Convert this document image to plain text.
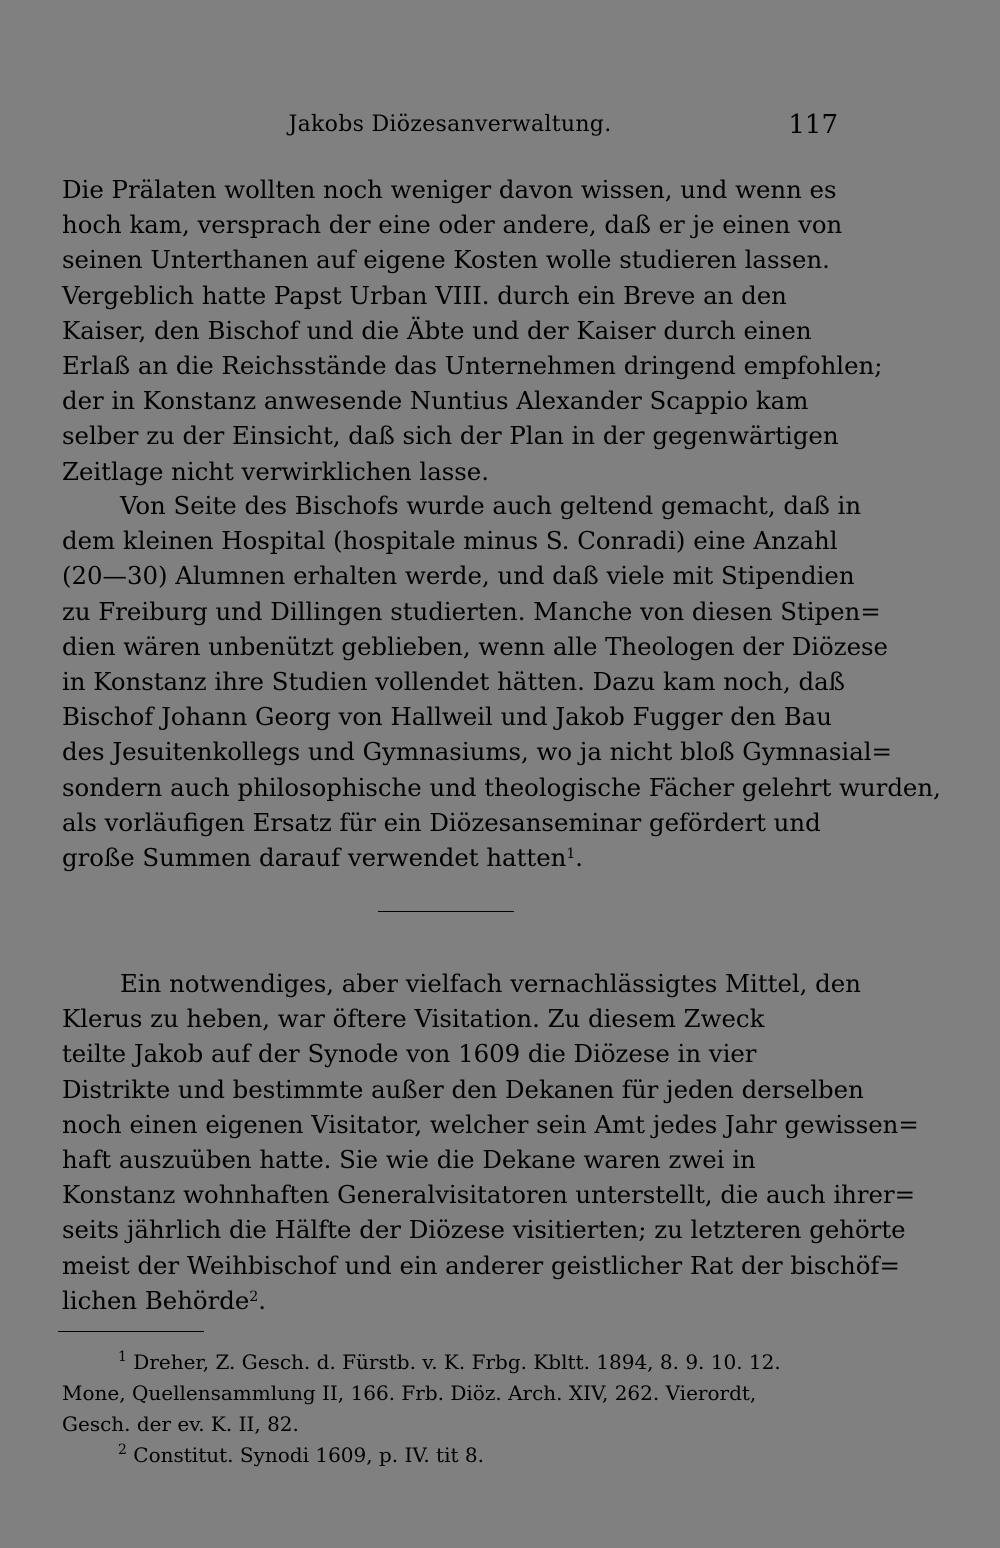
Jakobs Diözesanverwaltung.	117
Die Prälaten wollten noch weniger davon wissen, und wenn es
hoch kam, versprach der eine oder andere, daß er je einen von
seinen Unterthanen auf eigene Kosten wolle studieren lassen.
Vergeblich hatte Papst Urban VIII. durch ein Breve an den
Kaiser, den Bischof und die Äbte und der Kaiser durch einen
Erlaß an die Reichsstände das Unternehmen dringend empfohlen;
der in Konstanz anwesende Nuntius Alexander Scappio kam
selber zu der Einsicht, daß sich der Plan in der gegenwärtigen
Zeitlage nicht verwirklichen lasse.
Von Seite des Bischofs wurde auch geltend gemacht, daß in
dem kleinen Hospital (hospitale minus S. Conradi) eine Anzahl
(20—30) Alumnen erhalten werde, und daß viele mit Stipendien
zu Freiburg und Dillingen studierten. Manche von diesen Stipen=
dien wären unbenützt geblieben, wenn alle Theologen der Diözese
in Konstanz ihre Studien vollendet hätten. Dazu kam noch, daß
Bischof Johann Georg von Hallweil und Jakob Fugger den Bau
des Jesuitenkollegs und Gymnasiums, wo ja nicht bloß Gymnasial=
sondern auch philosophische und theologische Fächer gelehrt wurden,
als vorläufigen Ersatz für ein Diözesanseminar gefördert und
große Summen darauf verwendet hatten$^1$.
Ein notwendiges, aber vielfach vernachlässigtes Mittel, den
Klerus zu heben, war öftere Visitation. Zu diesem Zweck
teilte Jakob auf der Synode von 1609 die Diözese in vier
Distrikte und bestimmte außer den Dekanen für jeden derselben
noch einen eigenen Visitator, welcher sein Amt jedes Jahr gewissen=
haft auszuüben hatte. Sie wie die Dekane waren zwei in
Konstanz wohnhaften Generalvisitatoren unterstellt, die auch ihrer=
seits jährlich die Hälfte der Diözese visitierten; zu letzteren gehörte
meist der Weihbischof und ein anderer geistlicher Rat der bischöf=
lichen Behörde$^2$.
$^1$ Dreher, Z. Gesch. d. Fürstb. v. K. Frbg. Kbltt. 1894, 8. 9. 10. 12.
Mone, Quellensammlung II, 166. Frb. Diöz. Arch. XIV, 262. Vierordt,
Gesch. der ev. K. II, 82.
$^2$ Constitut. Synodi 1609, p. IV. tit 8.
